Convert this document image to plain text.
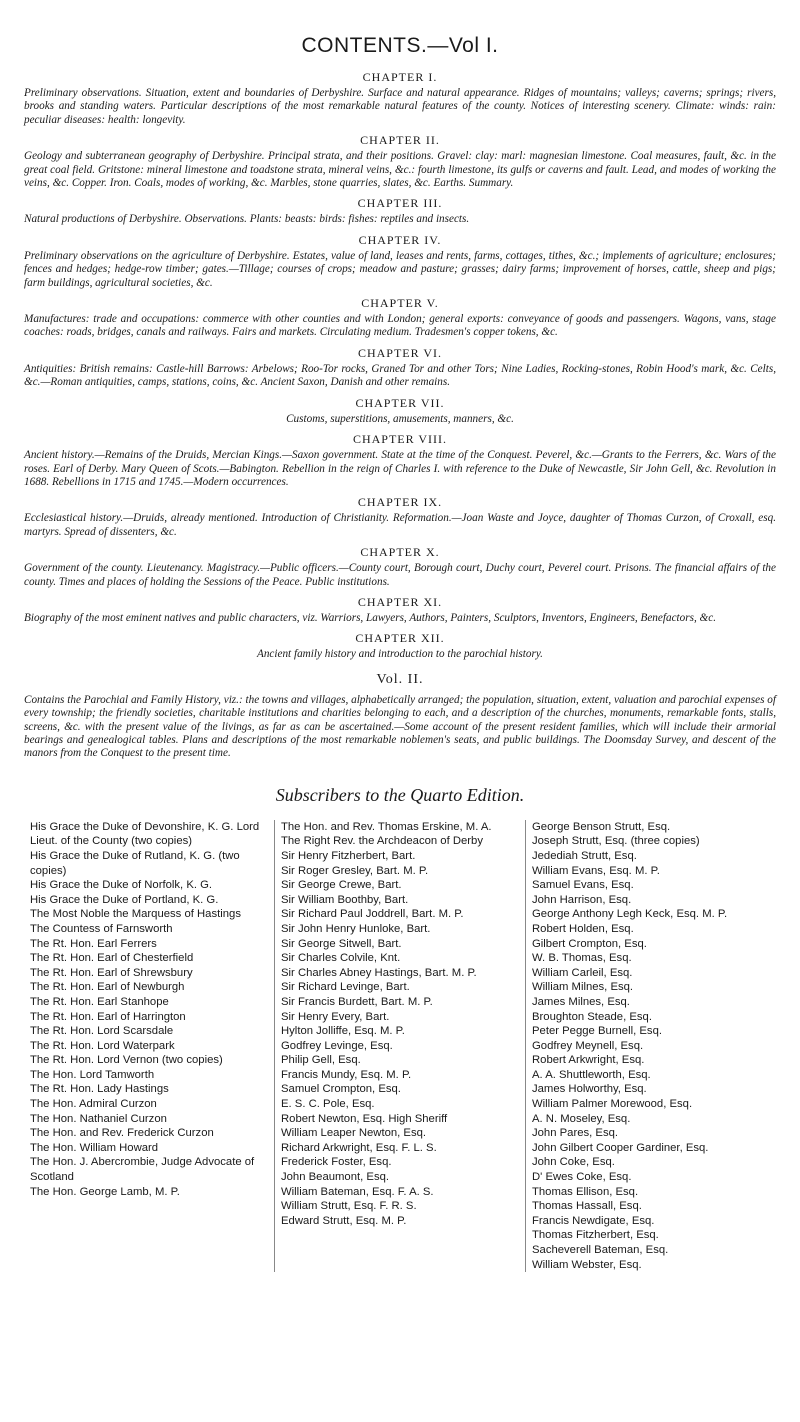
CONTENTS.—Vol I.
CHAPTER I.

Preliminary observations. Situation, extent and boundaries of Derbyshire. Surface and natural appearance. Ridges of mountains; valleys; caverns; springs; rivers, brooks and standing waters. Particular descriptions of the most remarkable natural features of the county. Notices of interesting scenery. Climate: winds: rain: peculiar diseases: health: longevity.

CHAPTER II.

Geology and subterranean geography of Derbyshire. Principal strata, and their positions. Gravel: clay: marl: magnesian limestone. Coal measures, fault, &c. in the great coal field. Gritstone: mineral limestone and toadstone strata, mineral veins, &c.: fourth limestone, its gulfs or caverns and fault. Lead, and modes of working the veins, &c. Copper. Iron. Coals, modes of working, &c. Marbles, stone quarries, slates, &c. Earths. Summary.

CHAPTER III.

Natural productions of Derbyshire. Observations. Plants: beasts: birds: fishes: reptiles and insects.

CHAPTER IV.

Preliminary observations on the agriculture of Derbyshire. Estates, value of land, leases and rents, farms, cottages, tithes, &c.; implements of agriculture; enclosures; fences and hedges; hedge-row timber; gates.—Tillage; courses of crops; meadow and pasture; grasses; dairy farms; improvement of horses, cattle, sheep and pigs; farm buildings, agricultural societies, &c.

CHAPTER V.

Manufactures: trade and occupations: commerce with other counties and with London; general exports: conveyance of goods and passengers. Wagons, vans, stage coaches: roads, bridges, canals and railways. Fairs and markets. Circulating medium. Tradesmen's copper tokens, &c.

CHAPTER VI.

Antiquities: British remains: Castle-hill Barrows: Arbelows; Roo-Tor rocks, Graned Tor and other Tors; Nine Ladies, Rocking-stones, Robin Hood's mark, &c. Celts, &c.—Roman antiquities, camps, stations, coins, &c. Ancient Saxon, Danish and other remains.

CHAPTER VII.

Customs, superstitions, amusements, manners, &c.

CHAPTER VIII.

Ancient history.—Remains of the Druids, Mercian Kings.—Saxon government. State at the time of the Conquest. Peverel, &c.—Grants to the Ferrers, &c. Wars of the roses. Earl of Derby. Mary Queen of Scots.—Babington. Rebellion in the reign of Charles I. with reference to the Duke of Newcastle, Sir John Gell, &c. Revolution in 1688. Rebellions in 1715 and 1745.—Modern occurrences.

CHAPTER IX.

Ecclesiastical history.—Druids, already mentioned. Introduction of Christianity. Reformation.—Joan Waste and Joyce, daughter of Thomas Curzon, of Croxall, esq. martyrs. Spread of dissenters, &c.

CHAPTER X.

Government of the county. Lieutenancy. Magistracy.—Public officers.—County court, Borough court, Duchy court, Peverel court. Prisons. The financial affairs of the county. Times and places of holding the Sessions of the Peace. Public institutions.

CHAPTER XI.

Biography of the most eminent natives and public characters, viz. Warriors, Lawyers, Authors, Painters, Sculptors, Inventors, Engineers, Benefactors, &c.

CHAPTER XII.

Ancient family history and introduction to the parochial history.

Vol. II.

Contains the Parochial and Family History, viz.: the towns and villages, alphabetically arranged; the population, situation, extent, valuation and parochial expenses of every township; the friendly societies, charitable institutions and charities belonging to each, and a description of the churches, monuments, remarkable fonts, stalls, screens, &c. with the present value of the livings, as far as can be ascertained.—Some account of the present resident families, which will include their armorial bearings and genealogical tables. Plans and descriptions of the most remarkable noblemen's seats, and public buildings. The Doomsday Survey, and descent of the manors from the Conquest to the present time.

Subscribers to the Quarto Edition.
His Grace the Duke of Devonshire, K. G. Lord Lieut. of the County (two copies)
His Grace the Duke of Rutland, K. G. (two copies)
His Grace the Duke of Norfolk, K. G.
His Grace the Duke of Portland, K. G.
The Most Noble the Marquess of Hastings
The Countess of Farnsworth
The Rt. Hon. Earl Ferrers
The Rt. Hon. Earl of Chesterfield
The Rt. Hon. Earl of Shrewsbury
The Rt. Hon. Earl of Newburgh
The Rt. Hon. Earl Stanhope
The Rt. Hon. Earl of Harrington
The Rt. Hon. Lord Scarsdale
The Rt. Hon. Lord Waterpark
The Rt. Hon. Lord Vernon (two copies)
The Hon. Lord Tamworth
The Rt. Hon. Lady Hastings
The Hon. Admiral Curzon
The Hon. Nathaniel Curzon
The Hon. and Rev. Frederick Curzon
The Hon. William Howard
The Hon. J. Abercrombie, Judge Advocate of Scotland
The Hon. George Lamb, M. P.
The Hon. and Rev. Thomas Erskine, M. A.
The Right Rev. the Archdeacon of Derby
Sir Henry Fitzherbert, Bart.
Sir Roger Gresley, Bart. M. P.
Sir George Crewe, Bart.
Sir William Boothby, Bart.
Sir Richard Paul Joddrell, Bart. M. P.
Sir John Henry Hunloke, Bart.
Sir George Sitwell, Bart.
Sir Charles Colvile, Knt.
Sir Charles Abney Hastings, Bart. M. P.
Sir Richard Levinge, Bart.
Sir Francis Burdett, Bart. M. P.
Sir Henry Every, Bart.
Hylton Jolliffe, Esq. M. P.
Godfrey Levinge, Esq.
Philip Gell, Esq.
Francis Mundy, Esq. M. P.
Samuel Crompton, Esq.
E. S. C. Pole, Esq.
Robert Newton, Esq. High Sheriff
William Leaper Newton, Esq.
Richard Arkwright, Esq. F. L. S.
Frederick Foster, Esq.
John Beaumont, Esq.
William Bateman, Esq. F. A. S.
William Strutt, Esq. F. R. S.
Edward Strutt, Esq. M. P.
George Benson Strutt, Esq.
Joseph Strutt, Esq. (three copies)
Jedediah Strutt, Esq.
William Evans, Esq. M. P.
Samuel Evans, Esq.
John Harrison, Esq.
George Anthony Legh Keck, Esq. M. P.
Robert Holden, Esq.
Gilbert Crompton, Esq.
W. B. Thomas, Esq.
William Carleil, Esq.
William Milnes, Esq.
James Milnes, Esq.
Broughton Steade, Esq.
Peter Pegge Burnell, Esq.
Godfrey Meynell, Esq.
Robert Arkwright, Esq.
A. A. Shuttleworth, Esq.
James Holworthy, Esq.
William Palmer Morewood, Esq.
A. N. Moseley, Esq.
John Pares, Esq.
John Gilbert Cooper Gardiner, Esq.
John Coke, Esq.
D' Ewes Coke, Esq.
Thomas Ellison, Esq.
Thomas Hassall, Esq.
Francis Newdigate, Esq.
Thomas Fitzherbert, Esq.
Sacheverell Bateman, Esq.
William Webster, Esq.
